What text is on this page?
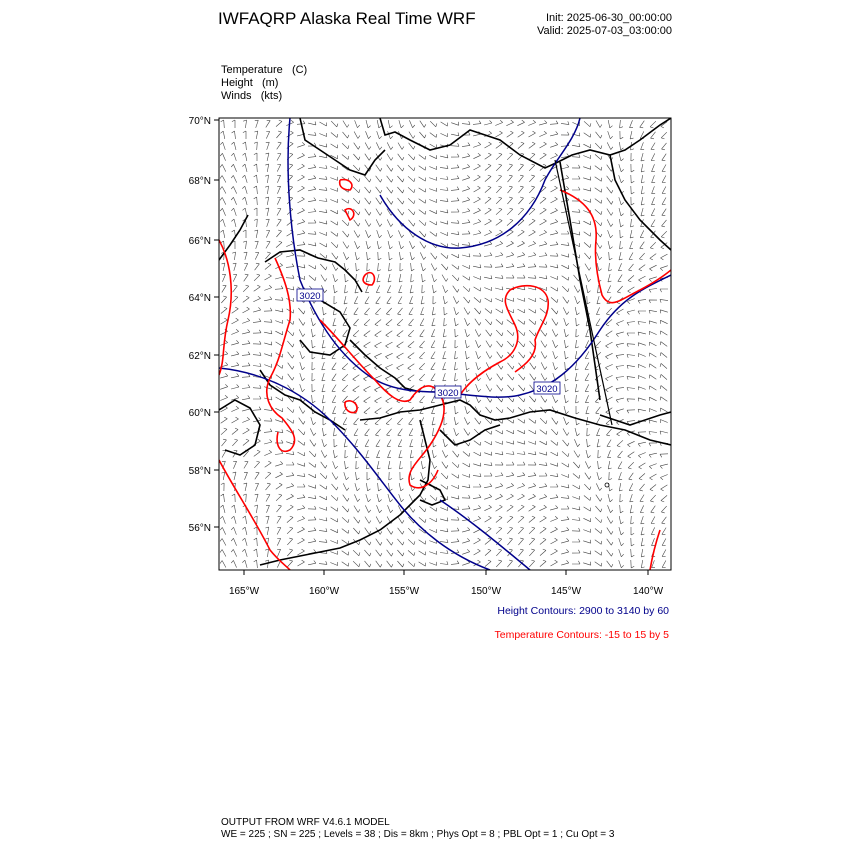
IWFAQRP Alaska Real Time WRF	Init: 2025-06-30_00:00:00
Valid: 2025-07-03_03:00:00
Temperature (C)
Height (m)
Winds (kts)
3020
3020	3020
70°N
68°N
66°N
64°N
62°N
60°N
58°N
56°N
165°W	160°W	155°W	150°W	145°W	140°W
Height Contours: 2900 to 3140 by 60
Temperature Contours: -15 to 15 by 5
OUTPUT FROM WRF V4.6.1 MODEL
WE = 225 ; SN = 225 ; Levels = 38 ; Dis = 8km ; Phys Opt = 8 ; PBL Opt = 1 ; Cu Opt = 3
